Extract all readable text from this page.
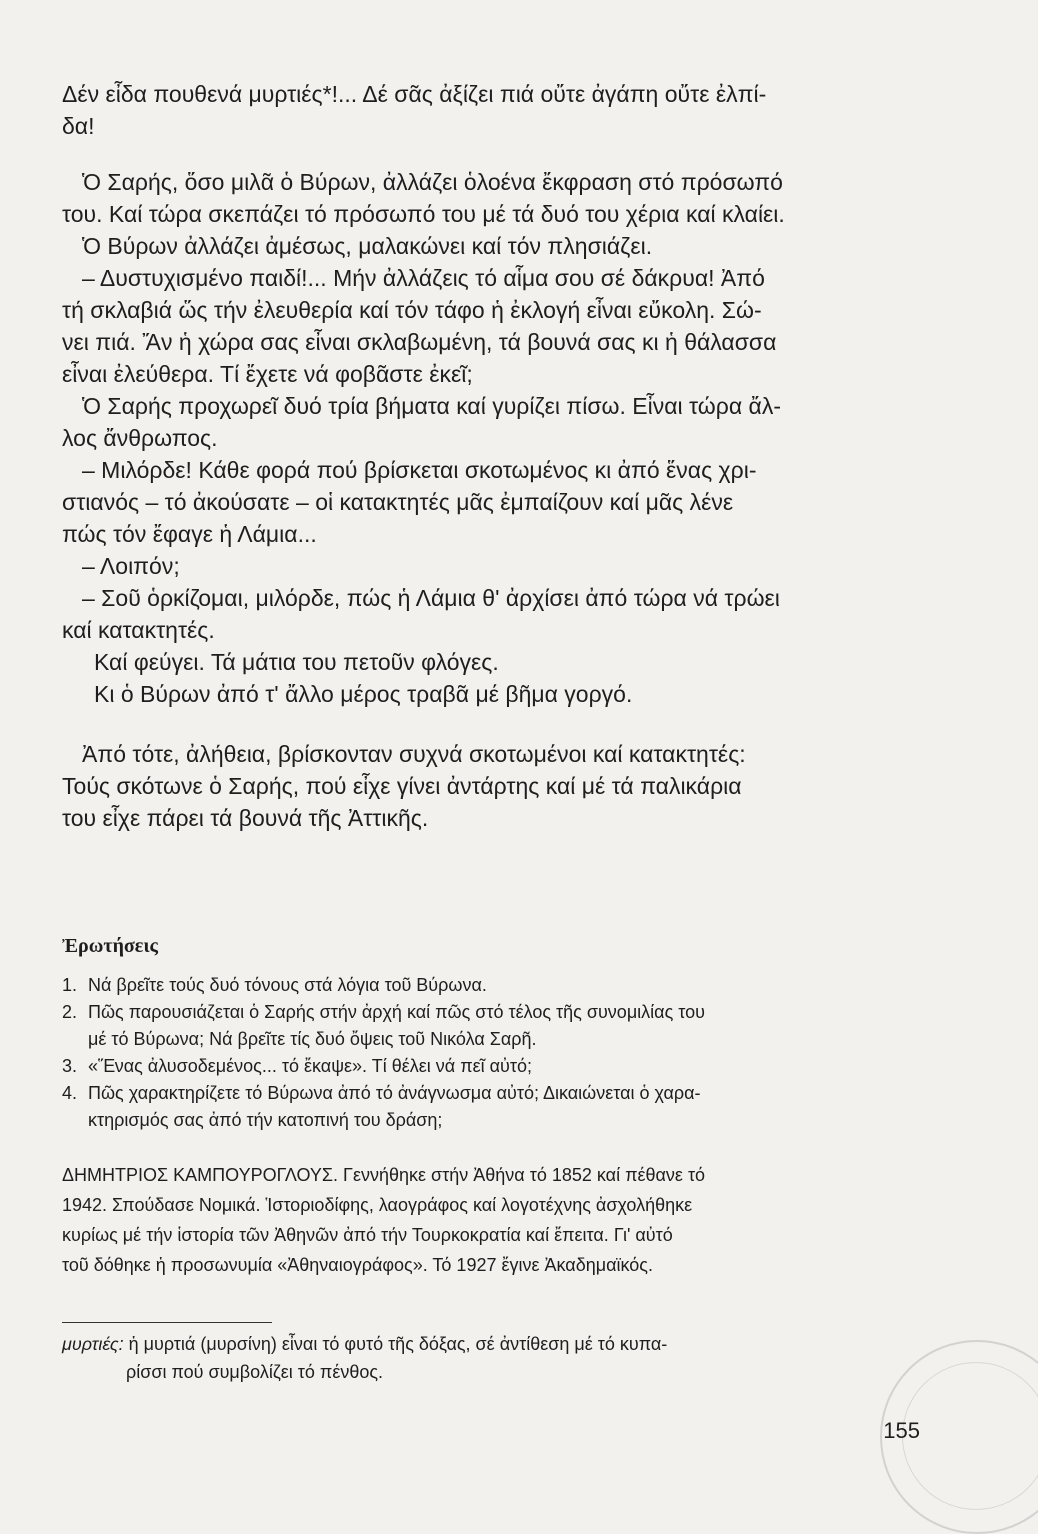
Δέν εἶδα πουθενά μυρτιές*!... Δέ σᾶς ἀξίζει πιά οὔτε ἀγάπη οὔτε ἐλπί-

δα!

Ὁ Σαρής, ὅσο μιλᾶ ὁ Βύρων, ἀλλάζει ὁλοένα ἔκφραση στό πρόσωπό

του. Καί τώρα σκεπάζει τό πρόσωπό του μέ τά δυό του χέρια καί κλαίει.

Ὁ Βύρων ἀλλάζει ἀμέσως, μαλακώνει καί τόν πλησιάζει.

– Δυστυχισμένο παιδί!... Μήν ἀλλάζεις τό αἷμα σου σέ δάκρυα! Ἀπό

τή σκλαβιά ὥς τήν ἐλευθερία καί τόν τάφο ἡ ἐκλογή εἶναι εὔκολη. Σώ-

νει πιά. Ἄν ἡ χώρα σας εἶναι σκλαβωμένη, τά βουνά σας κι ἡ θάλασσα

εἶναι ἐλεύθερα. Τί ἔχετε νά φοβᾶστε ἐκεῖ;

Ὁ Σαρής προχωρεῖ δυό τρία βήματα καί γυρίζει πίσω. Εἶναι τώρα ἄλ-

λος ἄνθρωπος.

– Μιλόρδε! Κάθε φορά πού βρίσκεται σκοτωμένος κι ἀπό ἕνας χρι-

στιανός – τό ἀκούσατε – οἱ κατακτητές μᾶς ἐμπαίζουν καί μᾶς λένε

πώς τόν ἔφαγε ἡ Λάμια...

– Λοιπόν;

– Σοῦ ὁρκίζομαι, μιλόρδε, πώς ἡ Λάμια θ' ἀρχίσει ἀπό τώρα νά τρώει

καί κατακτητές.

Καί φεύγει. Τά μάτια του πετοῦν φλόγες.

Κι ὁ Βύρων ἀπό τ' ἄλλο μέρος τραβᾶ μέ βῆμα γοργό.

Ἀπό τότε, ἀλήθεια, βρίσκονταν συχνά σκοτωμένοι καί κατακτητές:

Τούς σκότωνε ὁ Σαρής, πού εἶχε γίνει ἀντάρτης καί μέ τά παλικάρια

του εἶχε πάρει τά βουνά τῆς Ἀττικῆς.

Ἐρωτήσεις

1. Νά βρεῖτε τούς δυό τόνους στά λόγια τοῦ Βύρωνα.

2. Πῶς παρουσιάζεται ὁ Σαρής στήν ἀρχή καί πῶς στό τέλος τῆς συνομιλίας του

μέ τό Βύρωνα; Νά βρεῖτε τίς δυό ὄψεις τοῦ Νικόλα Σαρῆ.

3. «Ἕνας ἀλυσοδεμένος... τό ἔκαψε». Τί θέλει νά πεῖ αὐτό;

4. Πῶς χαρακτηρίζετε τό Βύρωνα ἀπό τό ἀνάγνωσμα αὐτό; Δικαιώνεται ὁ χαρα-

κτηρισμός σας ἀπό τήν κατοπινή του δράση;

ΔΗΜΗΤΡΙΟΣ ΚΑΜΠΟΥΡΟΓΛΟΥΣ. Γεννήθηκε στήν Ἀθήνα τό 1852 καί πέθανε τό

1942. Σπούδασε Νομικά. Ἱστοριοδίφης, λαογράφος καί λογοτέχνης ἀσχολήθηκε

κυρίως μέ τήν ἱστορία τῶν Ἀθηνῶν ἀπό τήν Τουρκοκρατία καί ἔπειτα. Γι' αὐτό

τοῦ δόθηκε ἡ προσωνυμία «Ἀθηναιογράφος». Τό 1927 ἔγινε Ἀκαδημαϊκός.

μυρτιές: ἡ μυρτιά (μυρσίνη) εἶναι τό φυτό τῆς δόξας, σέ ἀντίθεση μέ τό κυπα-

ρίσσι πού συμβολίζει τό πένθος.

155
